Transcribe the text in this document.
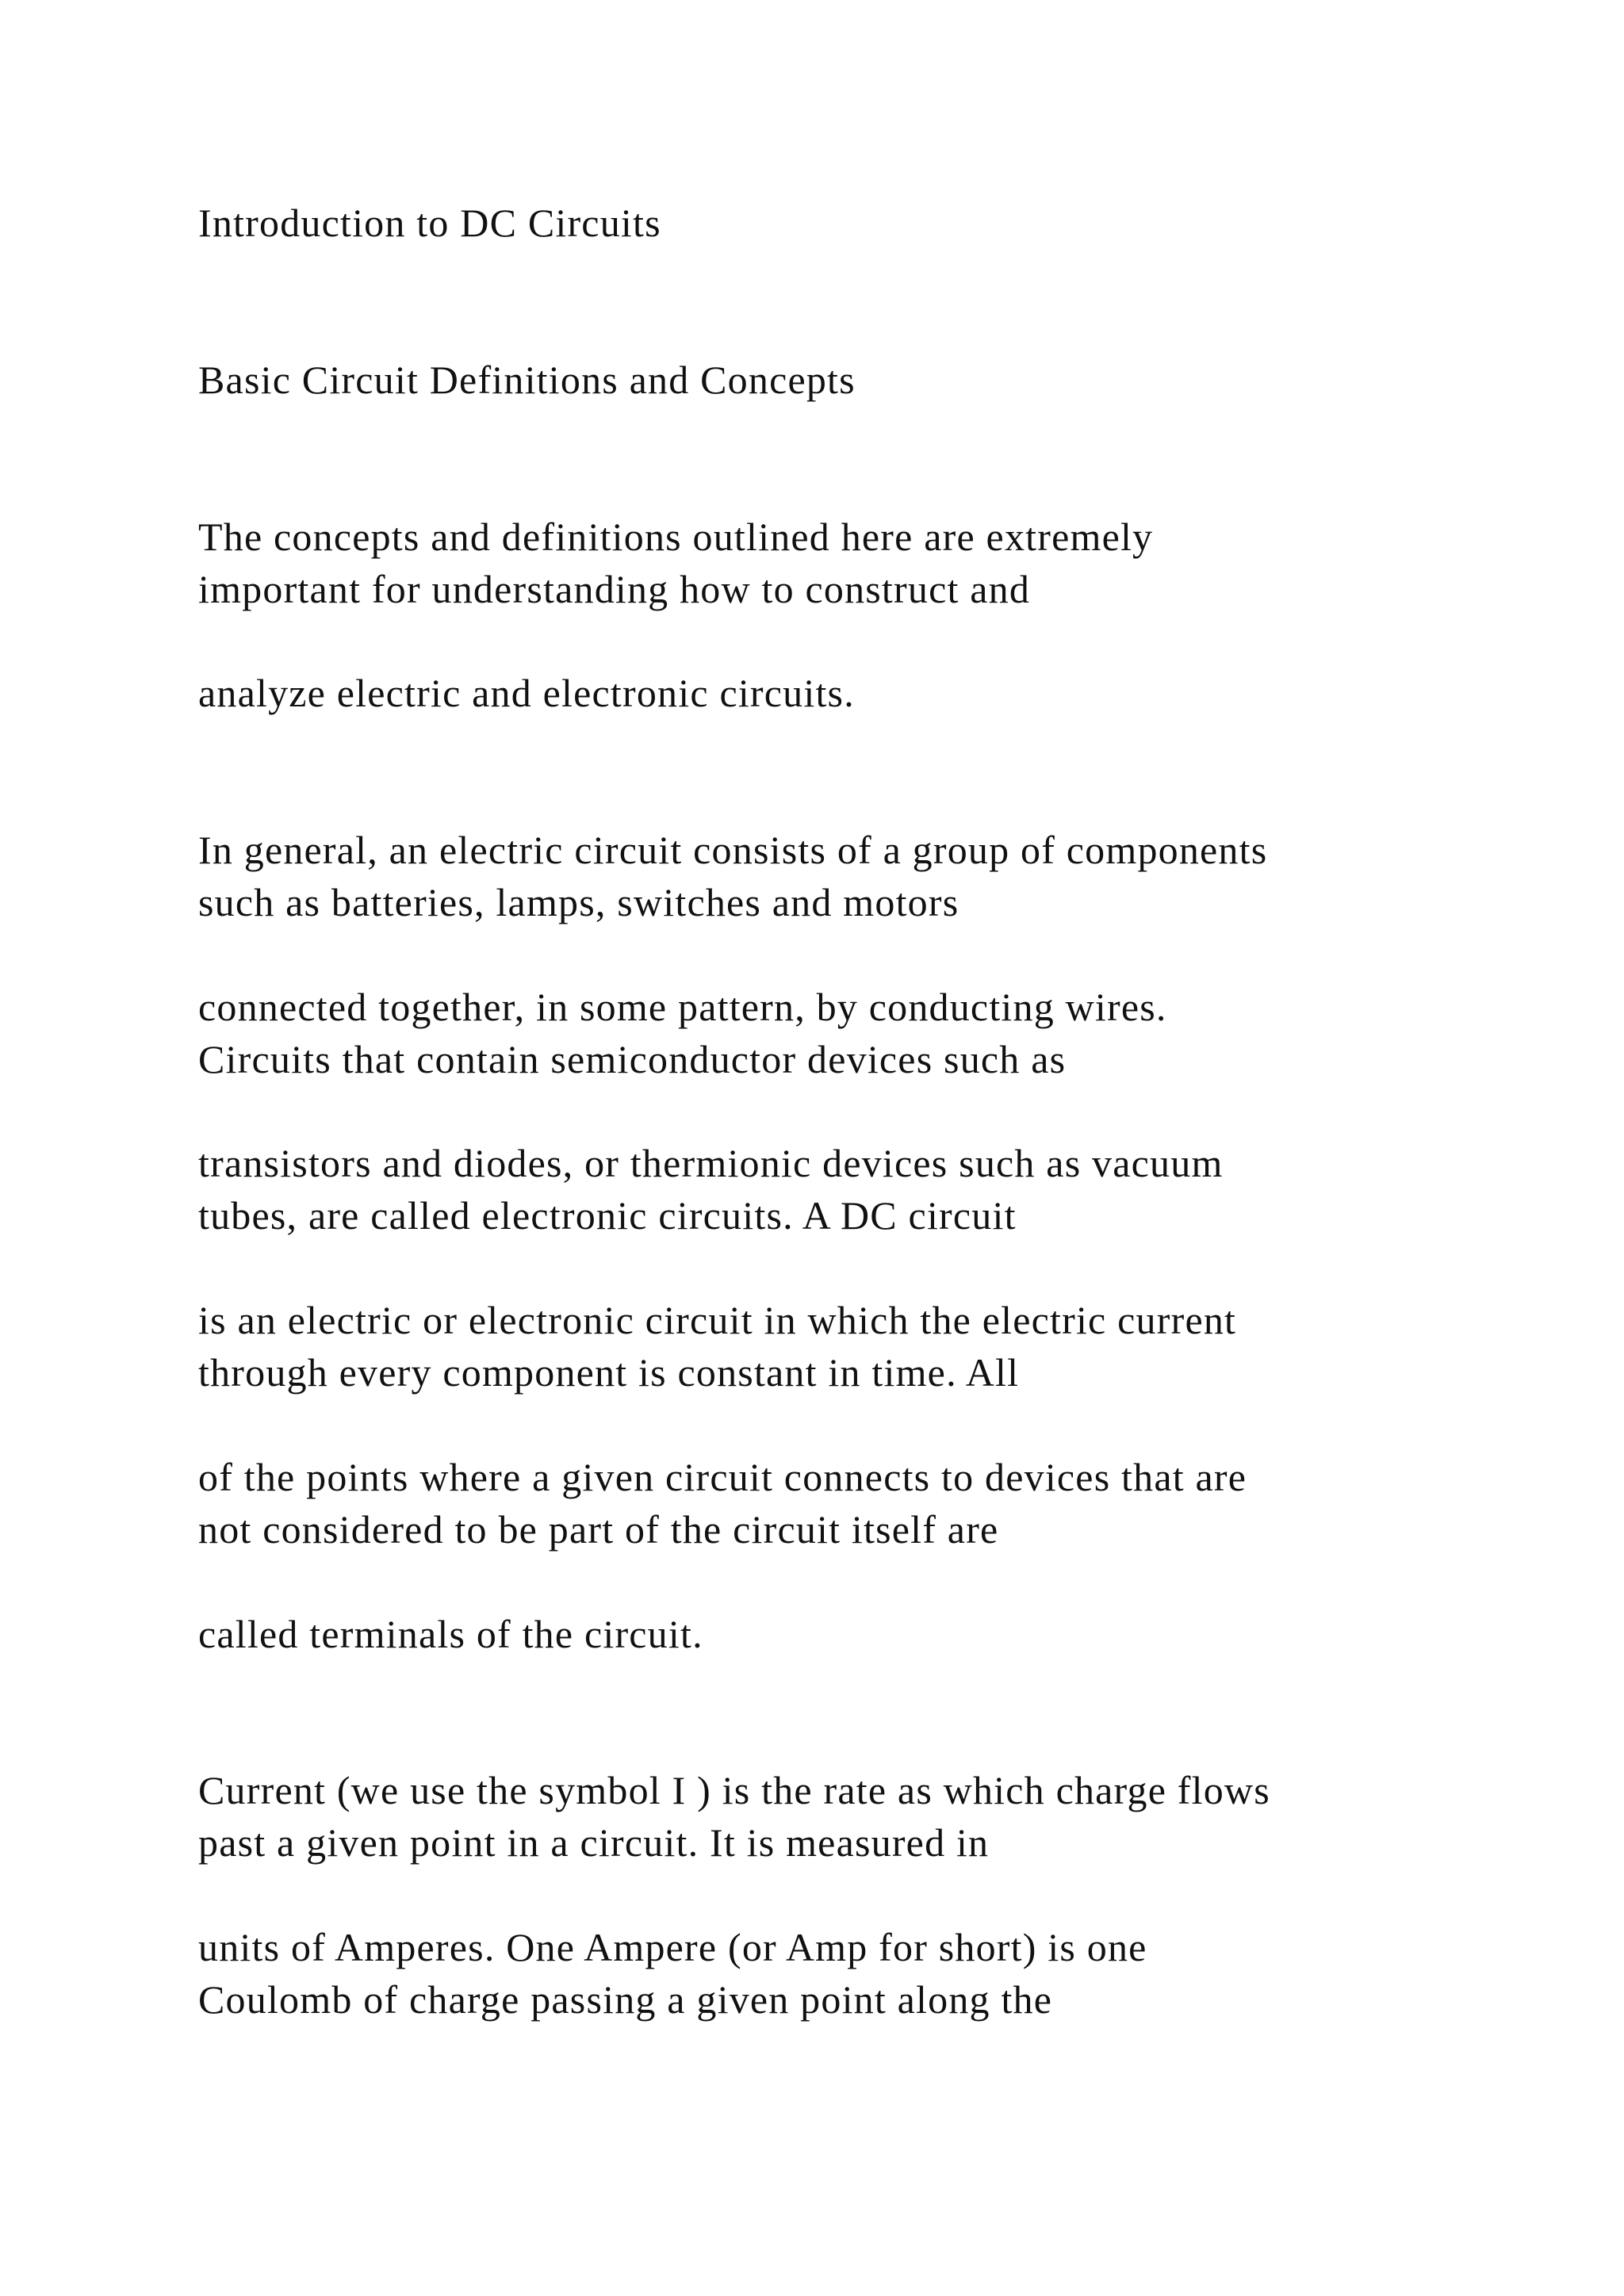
Introduction to DC Circuits
Basic Circuit Definitions and Concepts
The concepts and definitions outlined here are extremely
important for understanding how to construct and
analyze electric and electronic circuits.
In general, an electric circuit consists of a group of components
such as batteries, lamps, switches and motors
connected together, in some pattern, by conducting wires.
Circuits that contain semiconductor devices such as
transistors and diodes, or thermionic devices such as vacuum
tubes, are called electronic circuits. A DC circuit
is an electric or electronic circuit in which the electric current
through every component is constant in time. All
of the points where a given circuit connects to devices that are
not considered to be part of the circuit itself are
called terminals of the circuit.
Current (we use the symbol I ) is the rate as which charge flows
past a given point in a circuit. It is measured in
units of Amperes. One Ampere (or Amp for short) is one
Coulomb of charge passing a given point along the
